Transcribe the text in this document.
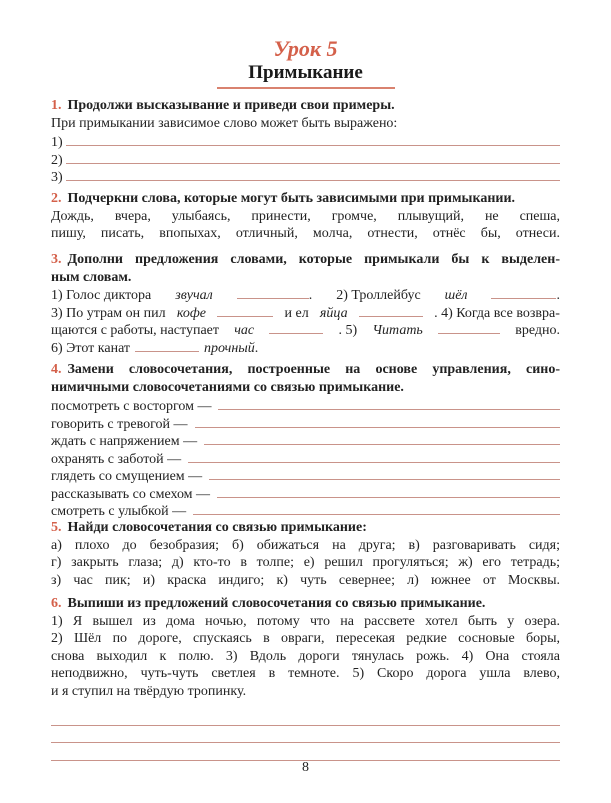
Урок 5
Примыкание
1. Продолжи высказывание и приведи свои примеры.
При примыкании зависимое слово может быть выражено:
1)
2)
3)
2. Подчеркни слова, которые могут быть зависимыми при примыкании.
Дождь, вчера, улыбаясь, принести, громче, плывущий, не спеша,
пишу, писать, впопыхах, отличный, молча, отнести, отнёс бы, отнеси.
3. Дополни предложения словами, которые примыкали бы к выделен-
ным словам.
1) Голос диктора звучал	. 2) Троллейбус шёл	.
3) По утрам он пил кофе	и ел яйца	. 4) Когда все возвра-
щаются с работы, наступает час	. 5) Читать	вредно.
6) Этот канат	прочный.
4. Замени словосочетания, построенные на основе управления, сино-
нимичными словосочетаниями со связью примыкание.
посмотреть с восторгом —
говорить с тревогой —
ждать с напряжением —
охранять с заботой —
глядеть со смущением —
рассказывать со смехом —
смотреть с улыбкой —
5. Найди словосочетания со связью примыкание:
а) плохо до безобразия; б) обижаться на друга; в) разговаривать сидя;
г) закрыть глаза; д) кто-то в толпе; е) решил прогуляться; ж) его тетрадь;
з) час пик; и) краска индиго; к) чуть севернее; л) южнее от Москвы.
6. Выпиши из предложений словосочетания со связью примыкание.
1) Я вышел из дома ночью, потому что на рассвете хотел быть у озера.
2) Шёл по дороге, спускаясь в овраги, пересекая редкие сосновые боры,
снова выходил к полю. 3) Вдоль дороги тянулась рожь. 4) Она стояла
неподвижно, чуть-чуть светлея в темноте. 5) Скоро дорога ушла влево,
и я ступил на твёрдую тропинку.
8
